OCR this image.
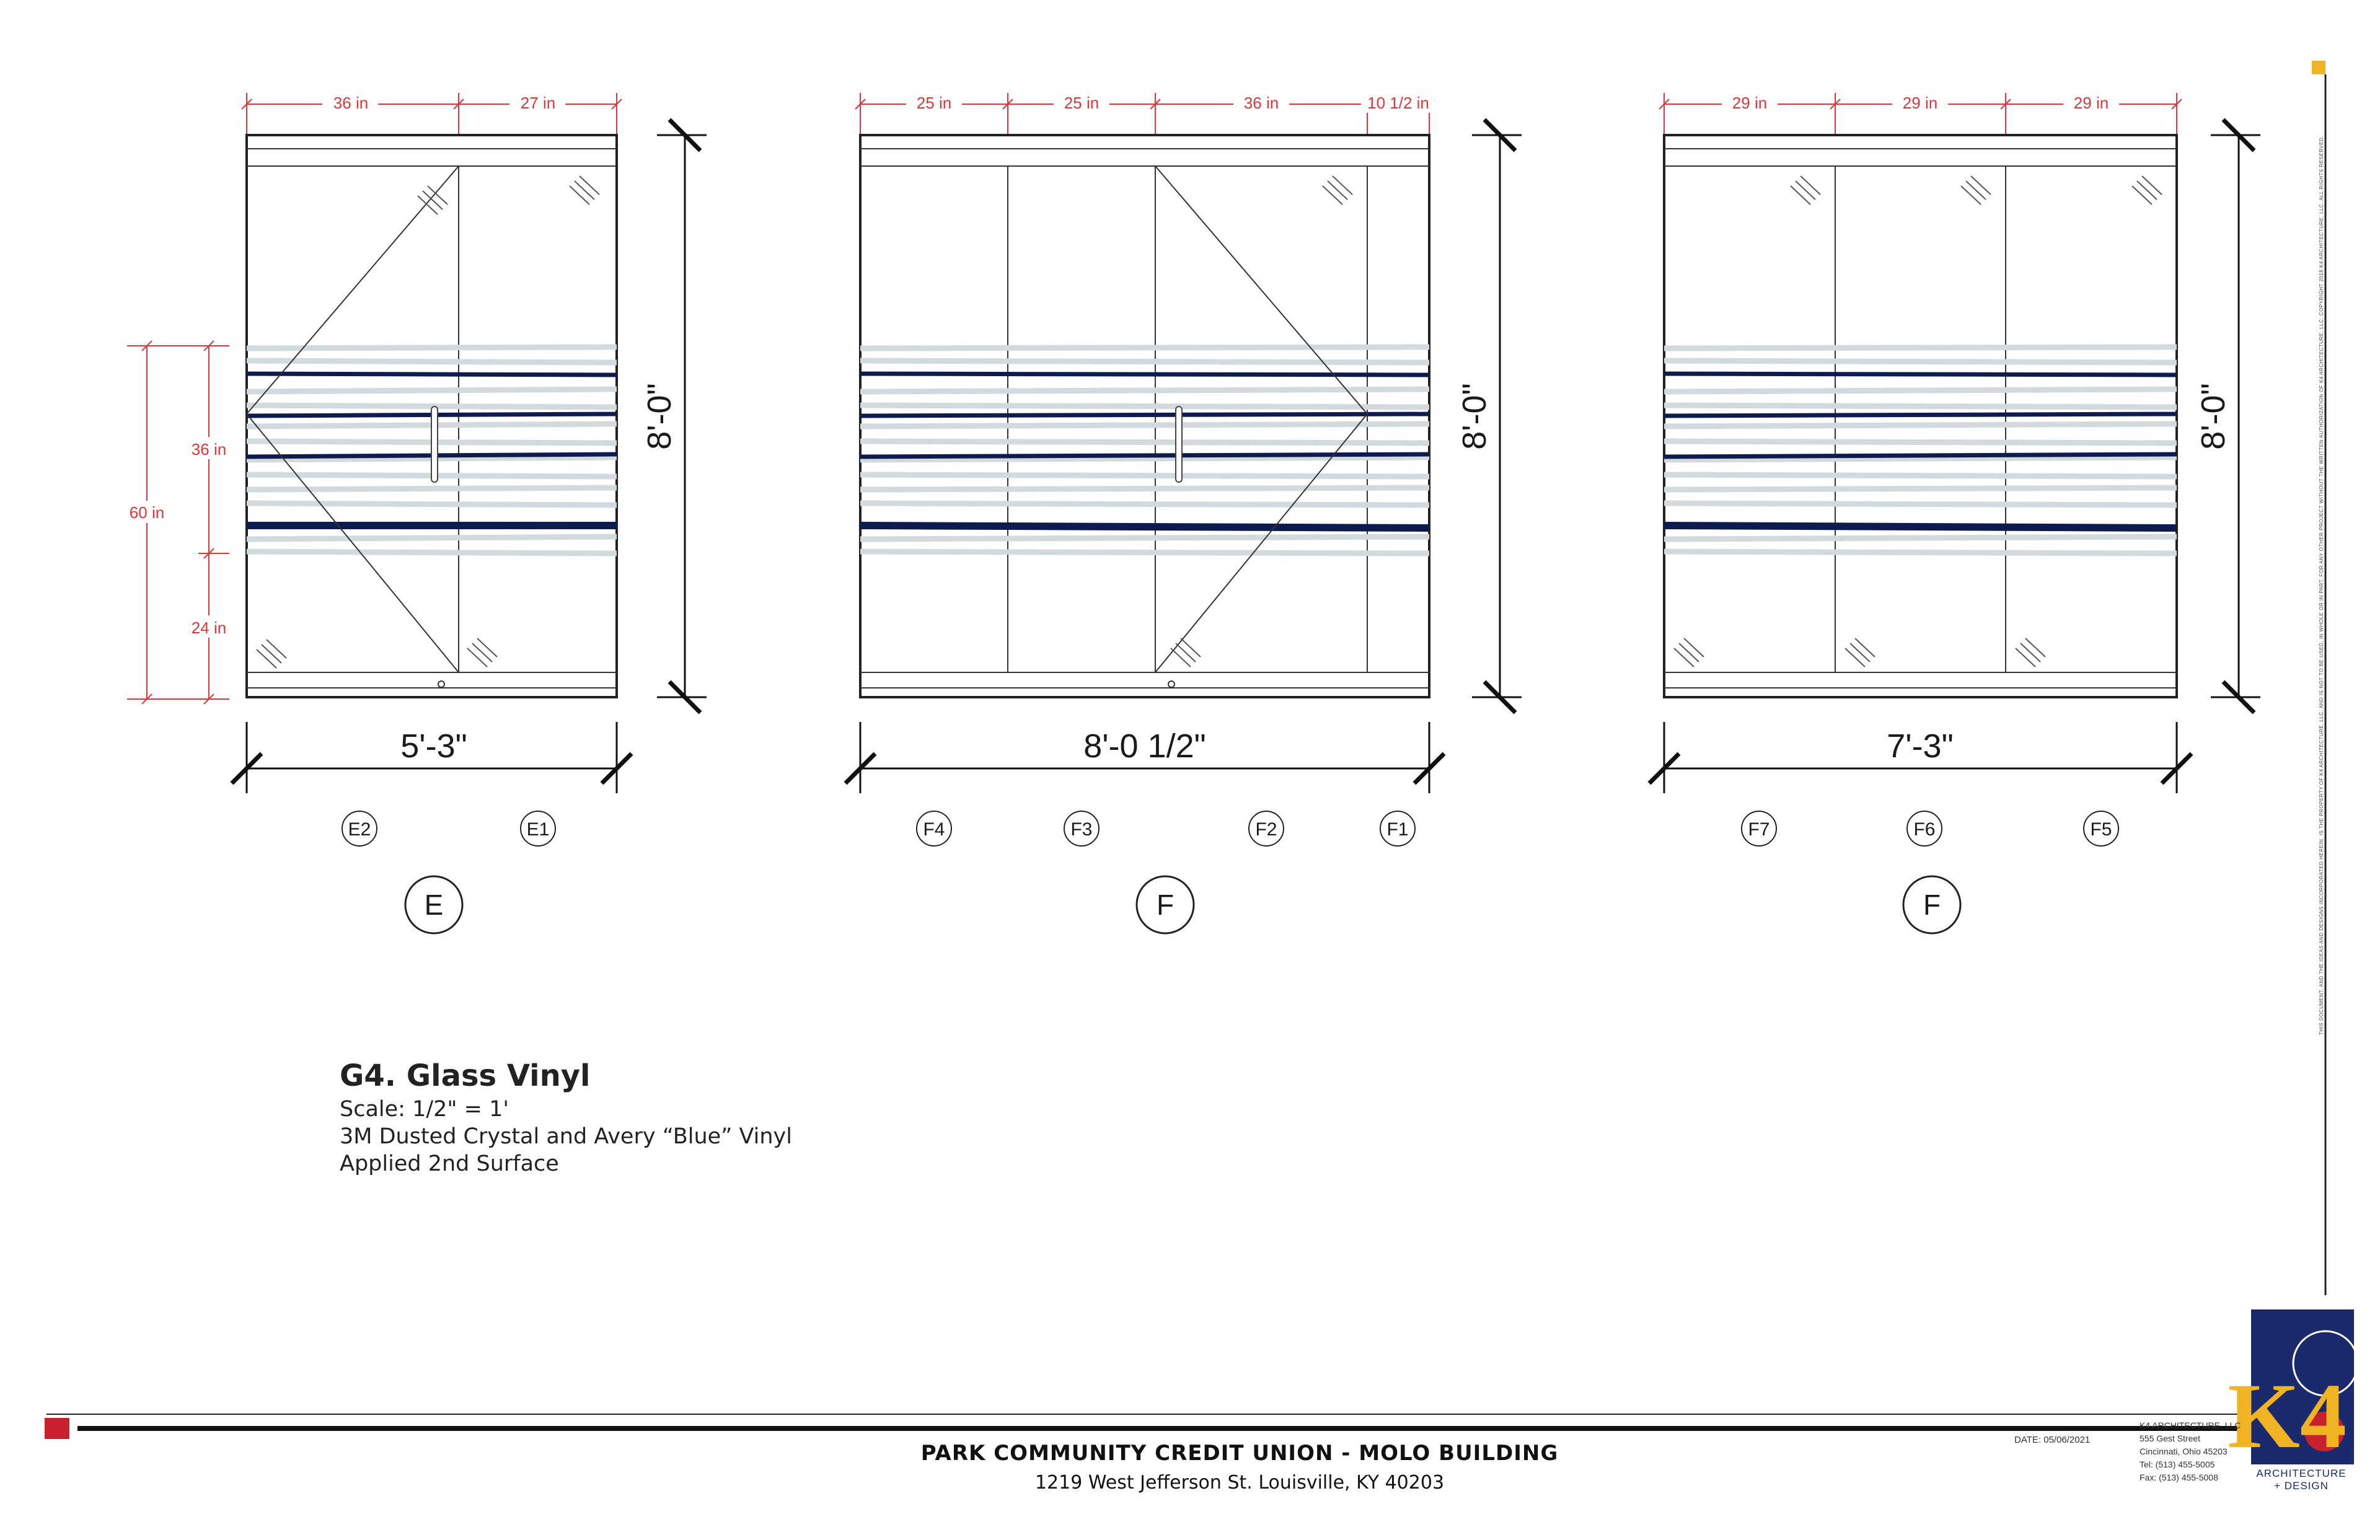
36 in	27 in
36 in
60 in
24 in
8'-0"
5'-3"
E2	E1
E
25 in	25 in	36 in	10 1/2 in
8'-0"
8'-0 1/2"
F4	F3	F2	F1
F
29 in	29 in	29 in
8'-0"
7'-3"
F7	F6	F5
F
K4
G4. Glass Vinyl
Scale: 1/2" = 1'
3M Dusted Crystal and Avery “Blue” Vinyl
Applied 2nd Surface
PARK COMMUNITY CREDIT UNION - MOLO BUILDING
1219 West Jefferson St. Louisville, KY 40203
DATE: 05/06/2021
K4 ARCHITECTURE, LLC
555 Gest Street
Cincinnati, Ohio 45203
Tel: (513) 455-5005
Fax: (513) 455-5008	ARCHITECTURE
+ DESIGN
THIS DOCUMENT, AND THE IDEAS AND DESIGNS INCORPORATED HEREIN, IS THE PROPERTY OF K4 ARCHITECTURE, LLC, AND IS NOT TO BE USED, IN WHOLE OR IN PART, FOR ANY OTHER PROJECT WITHOUT THE WRITTEN AUTHORIZATION OF K4 ARCHITECTURE, LLC. COPYRIGHT 2018 K4 ARCHITECTURE, LLC. ALL RIGHTS RESERVED.
